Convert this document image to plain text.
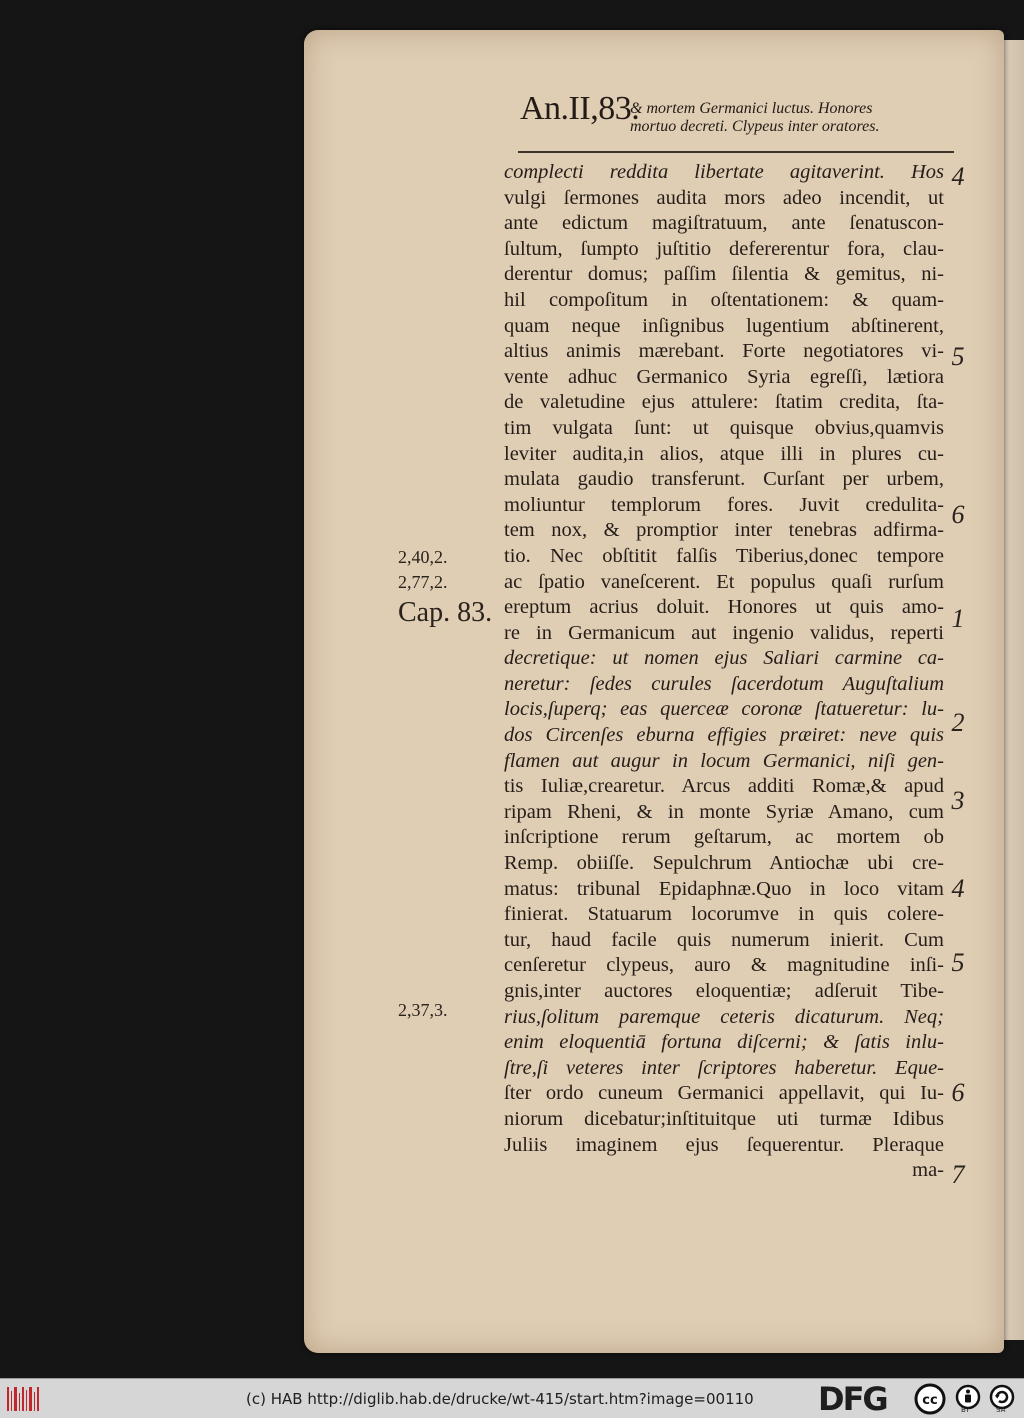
An.II,83.
& mortem Germanici luctus. Honores
mortuo decreti. Clypeus inter oratores.
complecti reddita libertate agitaverint. Hos
vulgi ſermones audita mors adeo incendit, ut
ante edictum magiſtratuum, ante ſenatuscon-
ſultum, ſumpto juſtitio defererentur fora, clau-
derentur domus; paſſim ſilentia & gemitus, ni-
hil compoſitum in oſtentationem: & quam-
quam neque inſignibus lugentium abſtinerent,
altius animis mærebant. Forte negotiatores vi-
vente adhuc Germanico Syria egreſſi, lætiora
de valetudine ejus attulere: ſtatim credita, ſta-
tim vulgata ſunt: ut quisque obvius,quamvis
leviter audita,in alios, atque illi in plures cu-
mulata gaudio transferunt. Curſant per urbem,
moliuntur templorum fores. Juvit credulita-
tem nox, & promptior inter tenebras adfirma-
tio. Nec obſtitit falſis Tiberius,donec tempore
ac ſpatio vaneſcerent. Et populus quaſi rurſum
ereptum acrius doluit. Honores ut quis amo-
re in Germanicum aut ingenio validus, reperti
decretique: ut nomen ejus Saliari carmine ca-
neretur: ſedes curules ſacerdotum Auguſtalium
locis,ſuperq; eas querceæ coronæ ſtatueretur: lu-
dos Circenſes eburna effigies præiret: neve quis
flamen aut augur in locum Germanici, niſi gen-
tis Iuliæ,crearetur. Arcus additi Romæ,& apud
ripam Rheni, & in monte Syriæ Amano, cum
inſcriptione rerum geſtarum, ac mortem ob
Remp. obiiſſe. Sepulchrum Antiochæ ubi cre-
matus: tribunal Epidaphnæ.Quo in loco vitam
finierat. Statuarum locorumve in quis colere-
tur, haud facile quis numerum inierit. Cum
cenſeretur clypeus, auro & magnitudine inſi-
gnis,inter auctores eloquentiæ; adſeruit Tibe-
rius,ſolitum paremque ceteris dicaturum. Neq;
enim eloquentiā fortuna diſcerni; & ſatis inlu-
ſtre,ſi veteres inter ſcriptores haberetur. Eque-
ſter ordo cuneum Germanici appellavit, qui Iu-
niorum dicebatur;inſtituitque uti turmæ Idibus
Juliis imaginem ejus ſequerentur. Pleraque
ma-
4
5
6
1
2
3
4
5
6
7
2,40,2.
2,77,2.
Cap. 83.
2,37,3.
(c) HAB http://diglib.hab.de/drucke/wt-415/start.htm?image=00110 DFG	cc
BY	SA
